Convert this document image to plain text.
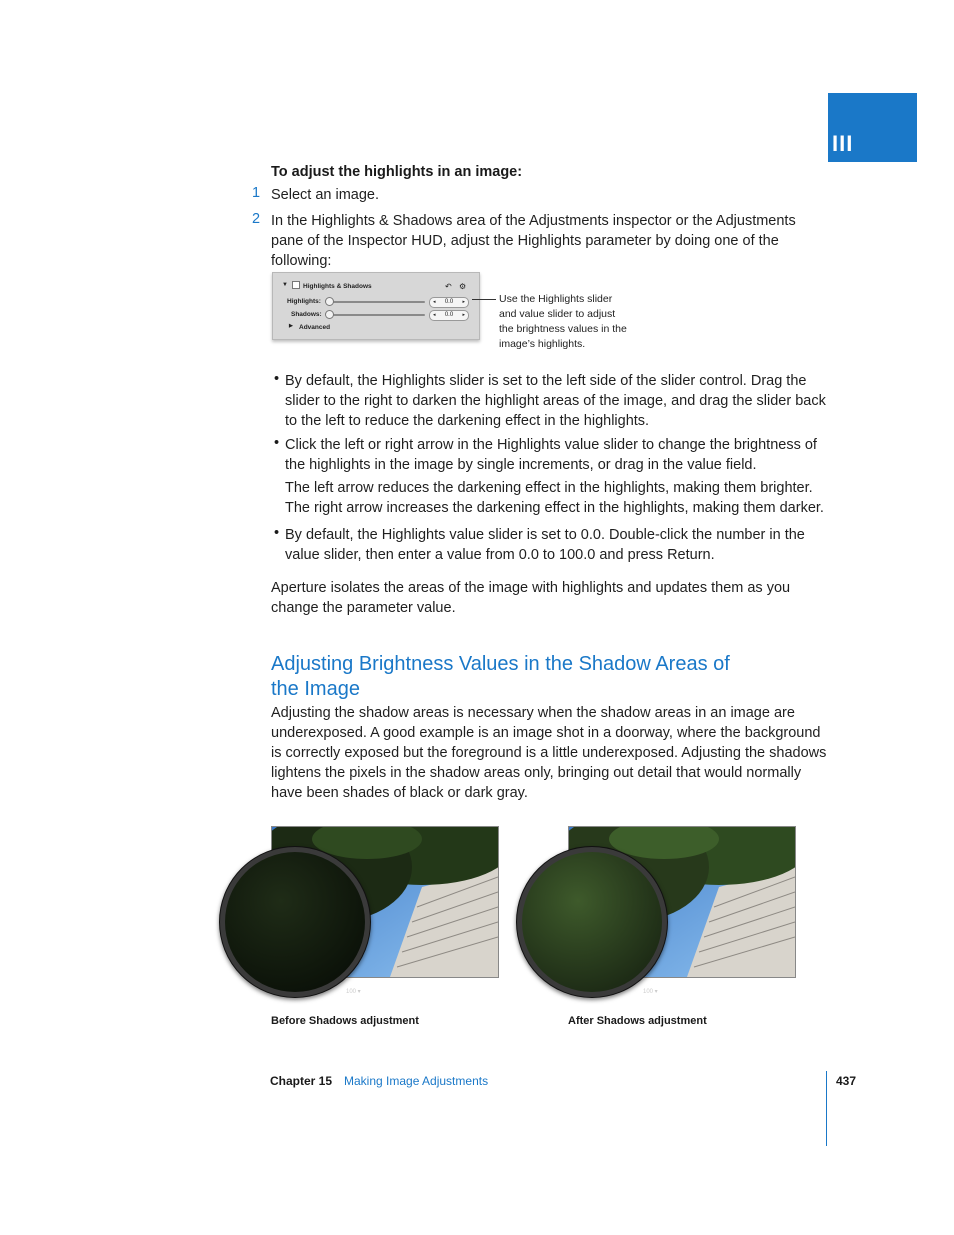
III
To adjust the highlights in an image:
1 Select an image.
2 In the Highlights & Shadows area of the Adjustments inspector or the Adjustments pane of the Inspector HUD, adjust the Highlights parameter by doing one of the following:
▼ Highlights & Shadows	↶ ⚙
Highlights:	◂ 0.0 ▸
Shadows:	◂ 0.0 ▸
▶ Advanced
Use the Highlights slider and value slider to adjust the brightness values in the image’s highlights.
• By default, the Highlights slider is set to the left side of the slider control. Drag the slider to the right to darken the highlight areas of the image, and drag the slider back to the left to reduce the darkening effect in the highlights.
• Click the left or right arrow in the Highlights value slider to change the brightness of the highlights in the image by single increments, or drag in the value field.
The left arrow reduces the darkening effect in the highlights, making them brighter. The right arrow increases the darkening effect in the highlights, making them darker.
• By default, the Highlights value slider is set to 0.0. Double-click the number in the value slider, then enter a value from 0.0 to 100.0 and press Return.
Aperture isolates the areas of the image with highlights and updates them as you change the parameter value.
Adjusting Brightness Values in the Shadow Areas of the Image
Adjusting the shadow areas is necessary when the shadow areas in an image are underexposed. A good example is an image shot in a doorway, where the background is correctly exposed but the foreground is a little underexposed. Adjusting the shadows lightens the pixels in the shadow areas only, bringing out detail that would normally have been shades of black or dark gray.
100 ▾
Before Shadows adjustment
100 ▾
After Shadows adjustment
Chapter 15 Making Image Adjustments	437
